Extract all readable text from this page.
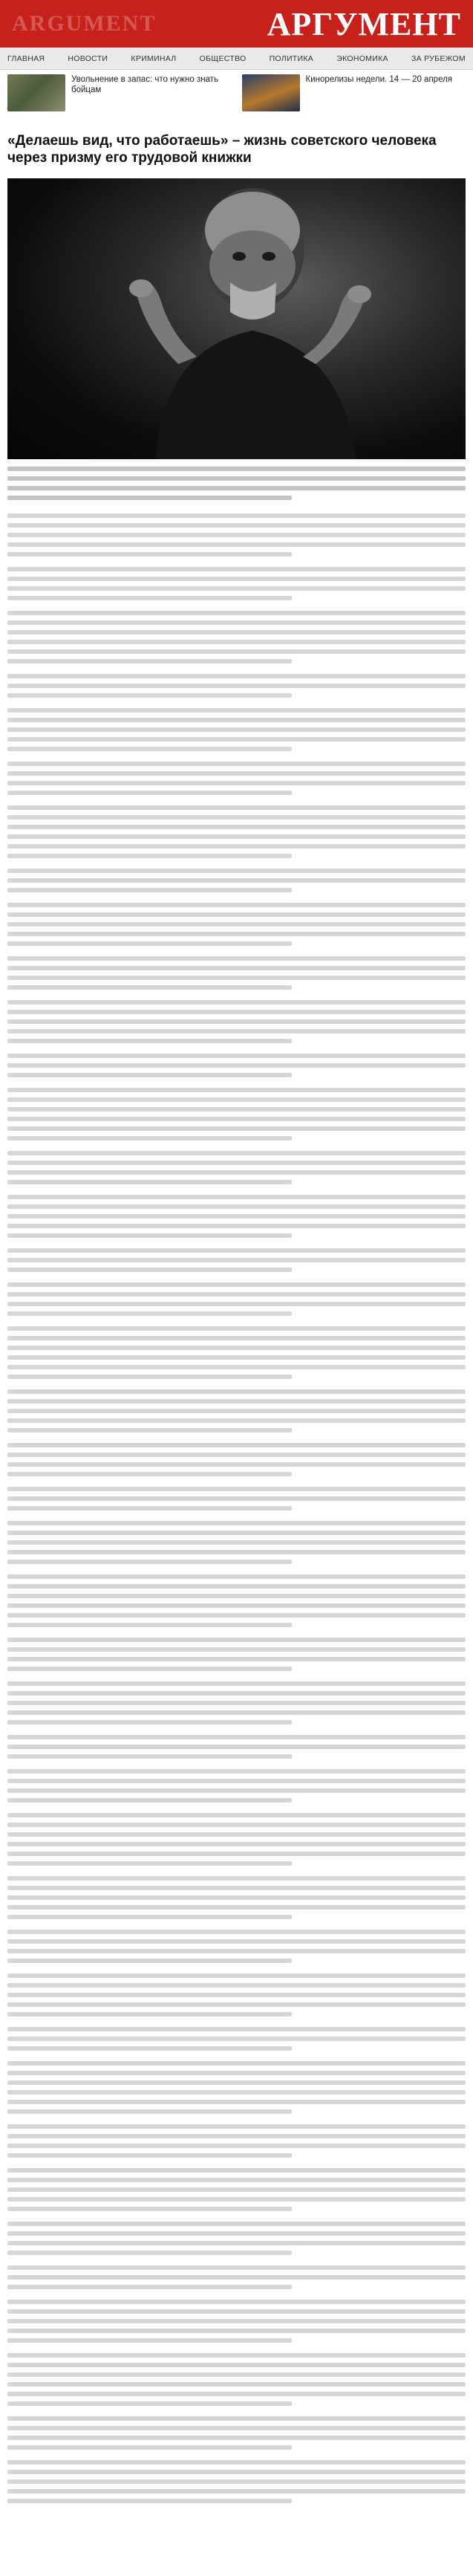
ARGUMENT	АРГУМЕНТ
ГЛАВНАЯ	НОВОСТИ	КРИМИНАЛ	ОБЩЕСТВО	ПОЛИТИКА	ЭКОНОМИКА	ЗА РУБЕЖОМ
Увольнение в запас: что нужно знать бойцам
Кинорелизы недели. 14 — 20 апреля
«Делаешь вид, что работаешь» – жизнь советского человека через призму его трудовой книжки
